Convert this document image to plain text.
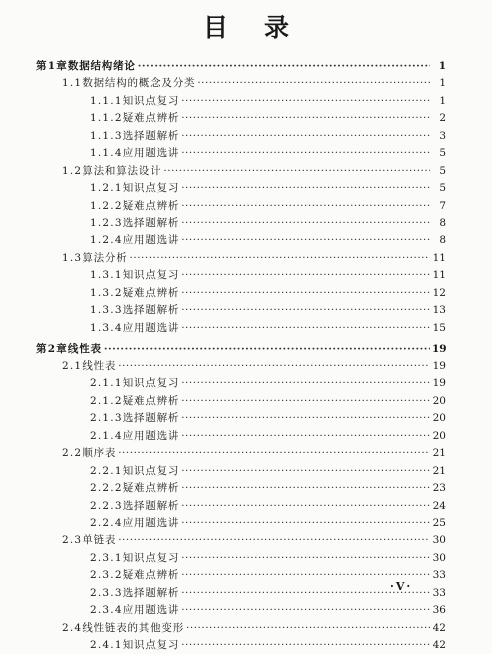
目 录
第1章 数据结构绪论 ·····	1
1.1 数据结构的概念及分类 ·····	1
1.1.1 知识点复习 ·····	1
1.1.2 疑难点辨析 ·····	2
1.1.3 选择题解析 ·····	3
1.1.4 应用题选讲 ·····	5
1.2 算法和算法设计 ·····	5
1.2.1 知识点复习 ·····	5
1.2.2 疑难点辨析 ·····	7
1.2.3 选择题解析 ·····	8
1.2.4 应用题选讲 ·····	8
1.3 算法分析 ·····	11
1.3.1 知识点复习 ·····	11
1.3.2 疑难点辨析 ·····	12
1.3.3 选择题解析 ·····	13
1.3.4 应用题选讲 ·····	15
第2章 线性表 ·····	19
2.1 线性表 ·····	19
2.1.1 知识点复习 ·····	19
2.1.2 疑难点辨析 ·····	20
2.1.3 选择题解析 ·····	20
2.1.4 应用题选讲 ·····	20
2.2 顺序表 ·····	21
2.2.1 知识点复习 ·····	21
2.2.2 疑难点辨析 ·····	23
2.2.3 选择题解析 ·····	24
2.2.4 应用题选讲 ·····	25
2.3 单链表 ·····	30
2.3.1 知识点复习 ·····	30
2.3.2 疑难点辨析 ·····	33
2.3.3 选择题解析 ·····	33
2.3.4 应用题选讲 ·····	36
2.4 线性链表的其他变形 ·····	42
2.4.1 知识点复习 ·····	42
·V·
